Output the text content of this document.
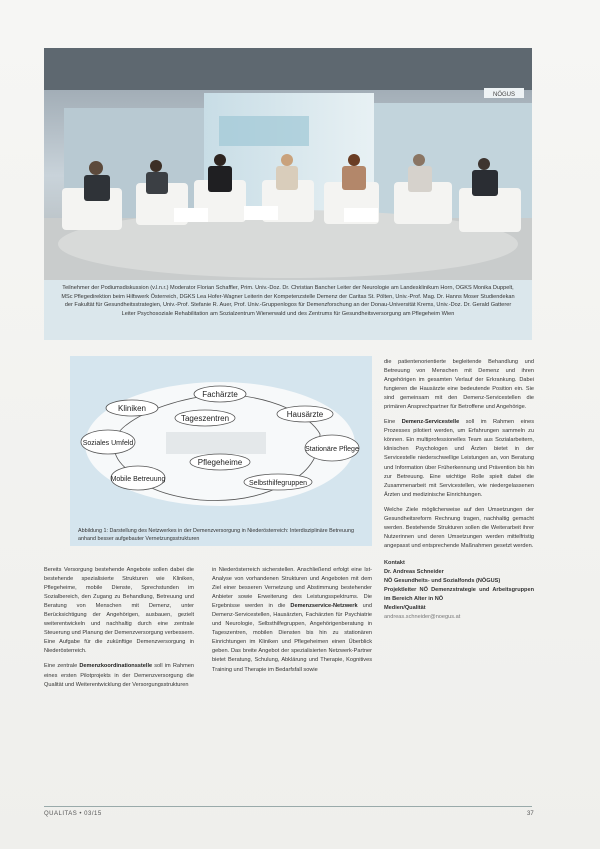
NÖGUS
Teilnehmer der Podiumsdiskussion (v.l.n.r.) Moderator Florian Schaffler, Prim. Univ.-Doz. Dr. Christian Bancher Leiter der Neurologie am Landesklinikum Horn, OGKS Monika Duppelt, MSc Pflegedirektion beim Hilfswerk Österreich, DGKS Lea Hofer-Wagner Leiterin der Kompetenzstelle Demenz der Caritas St. Pölten, Univ.-Prof. Mag. Dr. Hanns Moser Studiendekan der Fakultät für Gesundheitsstrategien, Univ.-Prof. Stefanie R. Auer, Prof. Univ.-Gruppenlogos für Demenzforschung an der Donau-Universität Krems, Univ.-Doz. Dr. Gerald Gatterer Leiter Psychosoziale Rehabilitation am Sozialzentrum Wienerwald und des Zentrums für Gesundheitsversorgung am Pflegeheim Wien
Fachärzte
Kliniken
Tageszentren	Hausärzte
Soziales Umfeld
Stationäre Pflege
Pflegeheime
Mobile Betreuung
Selbsthilfegruppen
Abbildung 1: Darstellung des Netzwerkes in der Demenzversorgung in Niederösterreich: Interdisziplinäre Betreuung anhand besser aufgebauter Vernetzungsstrukturen

Bereits Versorgung bestehende Angebote sollen dabei die bestehende spezialisierte Strukturen wie Kliniken, Pflegeheime, mobile Dienste, Sprechstunden im Sozialbereich, den Zugang zu Behandlung, Betreuung und Beratung von Menschen mit Demenz, unter Berücksichtigung der Angehörigen, ausbauen, gezielt weiterentwickeln und nachhaltig durch eine zentrale Steuerung und Planung der Demenzversorgung verbessern. Eine Aufgabe für die zukünftige Demenzversorgung in Niederösterreich.

Eine zentrale Demenzkoordinationsstelle soll im Rahmen eines ersten Pilotprojekts in der Demenzversorgung die Qualität und Weiterentwicklung der Versorgungsstrukturen

in Niederösterreich sicherstellen. Anschließend erfolgt eine Ist-Analyse von vorhandenen Strukturen und Angeboten mit dem Ziel einer besseren Vernetzung und Abstimmung bestehender Anbieter sowie Erweiterung des Leistungsspektrums. Die Ergebnisse werden in die Demenzservice-Netzwerk und Demenz-Servicestellen, Hausärzten, Fachärzten für Psychiatrie und Neurologie, Selbsthilfegruppen, Angehörigenberatung in Tageszentren, mobilen Diensten bis hin zu stationären Einrichtungen im Kliniken und Pflegeheimen einen Überblick geben. Das breite Angebot der spezialisierten Netzwerk-Partner bietet Beratung, Schulung, Abklärung und Therapie, Kognitives Training und Therapie im Bedarfsfall sowie

die patientenorientierte begleitende Behandlung und Betreuung von Menschen mit Demenz und ihren Angehörigen im gesamten Verlauf der Erkrankung. Dabei fungieren die Hausärzte eine bedeutende Position ein. Sie sind gemeinsam mit den Demenz-Servicestellen die primären Ansprechpartner für Betroffene und Angehörige.

Eine Demenz-Servicestelle soll im Rahmen eines Prozesses pilotiert werden, um Erfahrungen sammeln zu können. Ein multiprofessionelles Team aus Sozialarbeitern, klinischen Psychologen und Ärzten bietet in der Servicestelle niederschwellige Leistungen an, von Beratung und Information über Früherkennung und Prävention bis hin zur Betreuung. Eine wichtige Rolle spielt dabei die Zusammenarbeit mit Servicestellen, wie niedergelassenen Ärzten und medizinische Einrichtungen.

Welche Ziele möglicherweise auf den Umsetzungen der Gesundheitsreform Rechnung tragen, nachhaltig gemacht werden. Bestehende Strukturen sollen die Weiterarbeit ihrer Nutzerinnen und deren Umsetzungen werden mittelfristig angepasst und entsprechende Maßnahmen gesetzt werden.

Kontakt
Dr. Andreas Schneider
NÖ Gesundheits- und Sozialfonds (NÖGUS)
Projektleiter NÖ Demenzstrategie und Arbeitsgruppen im Bereich Alter in NÖ
Medien/Qualität
andreas.schneider@noegus.at
QUALITAS • 03/15	37
